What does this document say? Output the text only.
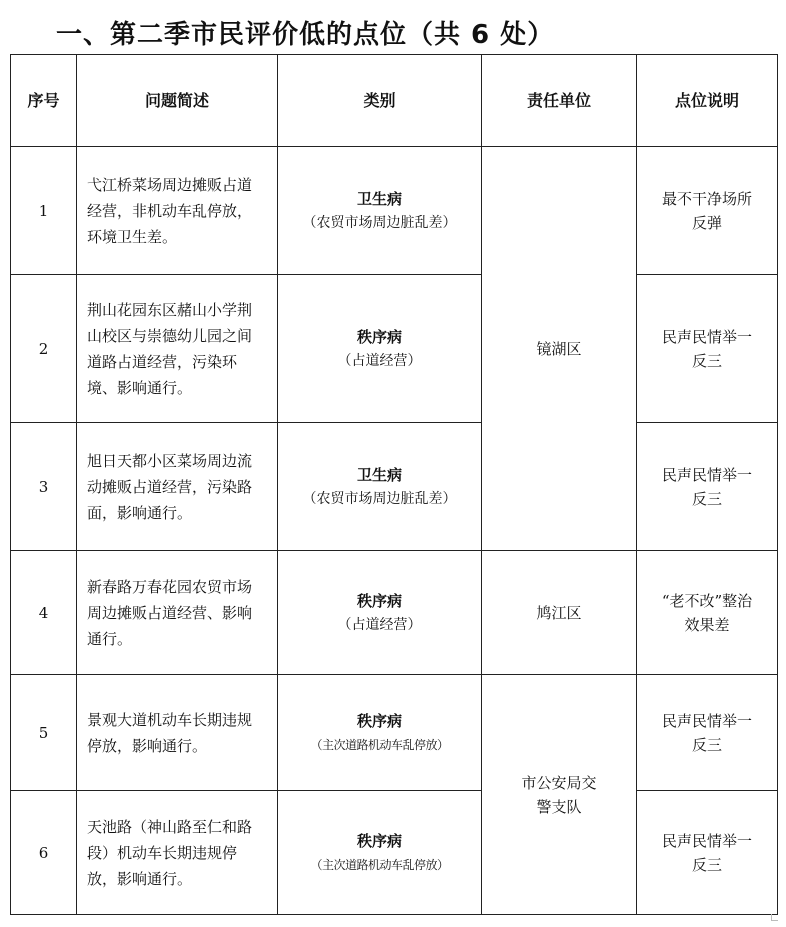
一、第二季市民评价低的点位（共 6 处）
序号	问题简述	类别	责任单位	点位说明
1	弋江桥菜场周边摊贩占道经营，非机动车乱停放，环境卫生差。	卫生病
（农贸市场周边脏乱差）	镜湖区	最不干净场所反弹
2	荆山花园东区赭山小学荆山校区与崇德幼儿园之间道路占道经营，污染环境、影响通行。	秩序病
（占道经营）		民声民情举一反三
3	旭日天都小区菜场周边流动摊贩占道经营，污染路面，影响通行。	卫生病
（农贸市场周边脏乱差）		民声民情举一反三
4	新春路万春花园农贸市场周边摊贩占道经营、影响通行。	秩序病
（占道经营）	鸠江区	“老不改”整治效果差
5	景观大道机动车长期违规停放，影响通行。	秩序病
（主次道路机动车乱停放）	市公安局交警支队	民声民情举一反三
6	天池路（神山路至仁和路段）机动车长期违规停放，影响通行。	秩序病
（主次道路机动车乱停放）		民声民情举一反三
